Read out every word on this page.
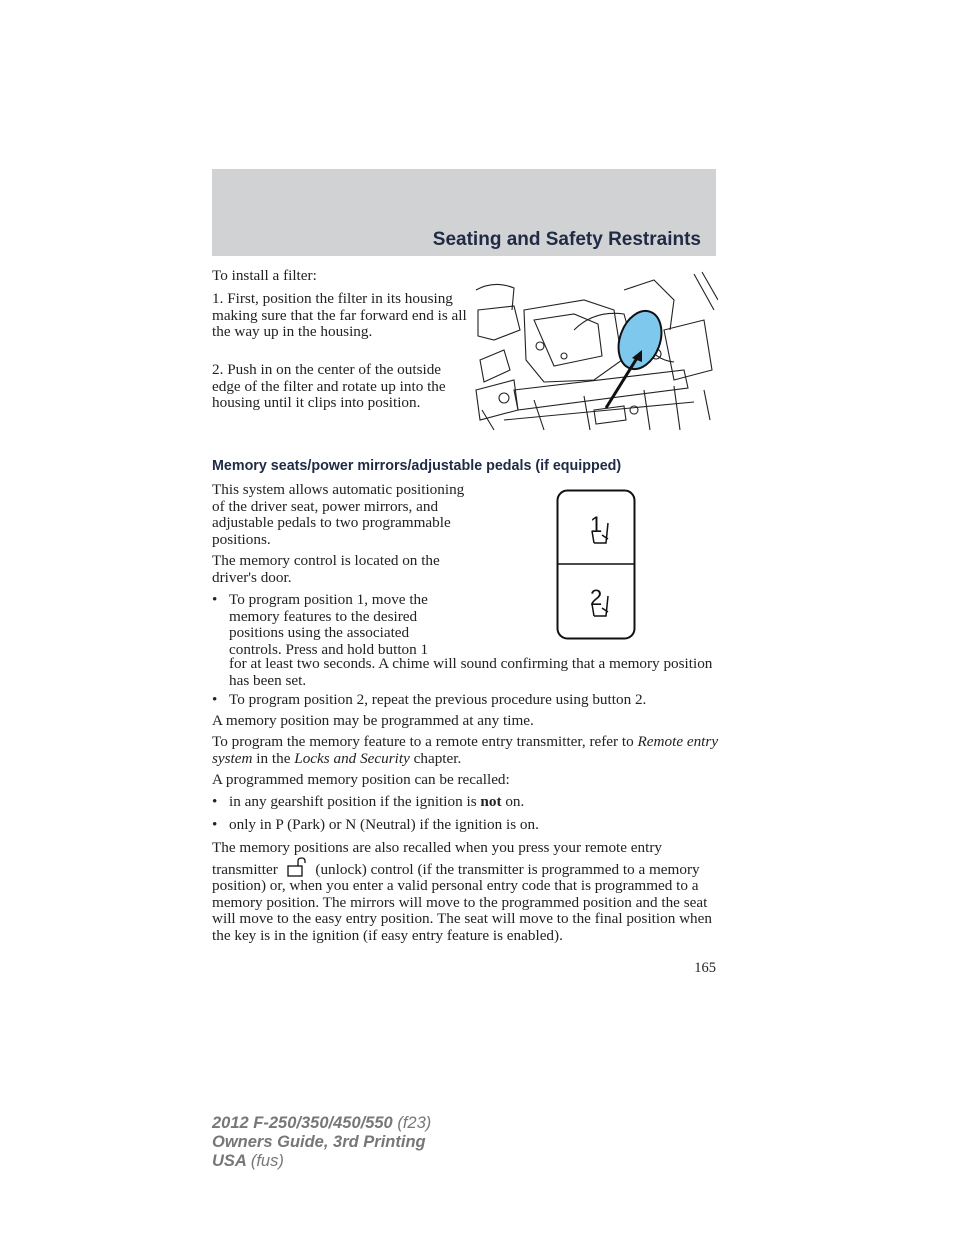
Seating and Safety Restraints

To install a filter:

1. First, position the filter in its housing making sure that the far forward end is all the way up in the housing.

2. Push in on the center of the outside edge of the filter and rotate up into the housing until it clips into position.

Memory seats/power mirrors/adjustable pedals (if equipped)

This system allows automatic positioning of the driver seat, power mirrors, and adjustable pedals to two programmable positions.

The memory control is located on the driver's door.

• To program position 1, move the memory features to the desired positions using the associated controls. Press and hold button 1
for at least two seconds. A chime will sound confirming that a memory position has been set.
1
2
• To program position 2, repeat the previous procedure using button 2.

A memory position may be programmed at any time.

To program the memory feature to a remote entry transmitter, refer to Remote entry system in the Locks and Security chapter.

A programmed memory position can be recalled:

• in any gearshift position if the ignition is not on.
• only in P (Park) or N (Neutral) if the ignition is on.

The memory positions are also recalled when you press your remote entry transmitter (unlock) control (if the transmitter is programmed to a memory position) or, when you enter a valid personal entry code that is programmed to a memory position. The mirrors will move to the programmed position and the seat will move to the easy entry position. The seat will move to the final position when the key is in the ignition (if easy entry feature is enabled).

165
2012 F-250/350/450/550 (f23)
Owners Guide, 3rd Printing
USA (fus)
